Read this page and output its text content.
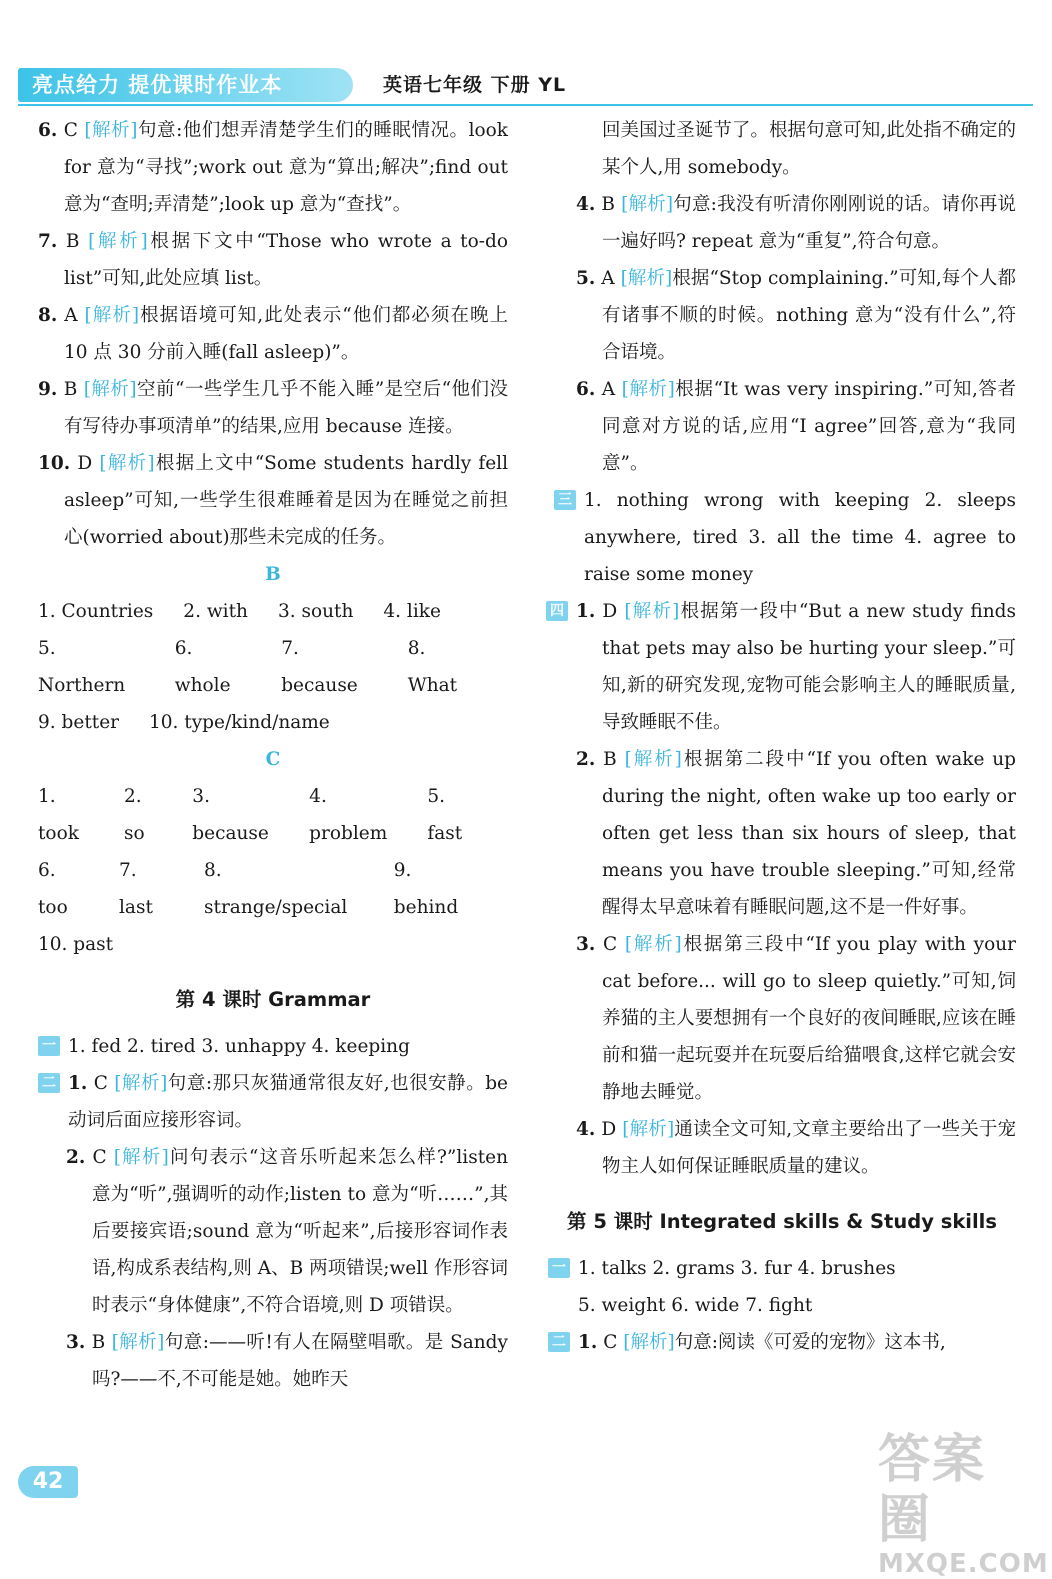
亮点给力 提优课时作业本	英语七年级 下册 YL

6. C [解析]句意:他们想弄清楚学生们的睡眠情况。look for 意为“寻找”;work out 意为“算出;解决”;find out 意为“查明;弄清楚”;look up 意为“查找”。

7. B [解析]根据下文中“Those who wrote a to-do list”可知,此处应填 list。

8. A [解析]根据语境可知,此处表示“他们都必须在晚上 10 点 30 分前入睡(fall asleep)”。

9. B [解析]空前“一些学生几乎不能入睡”是空后“他们没有写待办事项清单”的结果,应用 because 连接。

10. D [解析]根据上文中“Some students hardly fell asleep”可知,一些学生很难睡着是因为在睡觉之前担心(worried about)那些未完成的任务。

B

1. Countries 2. with 3. south 4. like

5. Northern
6. whole
7. because
8. What

9. better 10. type/kind/name

C

1. took
2. so
3. because
4. problem
5. fast

6. too
7. last
8. strange/special
9. behind

10. past

第 4 课时 Grammar

一 1. fed 2. tired 3. unhappy 4. keeping

二 1. C [解析]句意:那只灰猫通常很友好,也很安静。be 动词后面应接形容词。

2. C [解析]问句表示“这音乐听起来怎么样?”listen 意为“听”,强调听的动作;listen to 意为“听……”,其后要接宾语;sound 意为“听起来”,后接形容词作表语,构成系表结构,则 A、B 两项错误;well 作形容词时表示“身体健康”,不符合语境,则 D 项错误。

3. B [解析]句意:——听!有人在隔壁唱歌。是 Sandy 吗?——不,不可能是她。她昨天

回美国过圣诞节了。根据句意可知,此处指不确定的某个人,用 somebody。

4. B [解析]句意:我没有听清你刚刚说的话。请你再说一遍好吗? repeat 意为“重复”,符合句意。

5. A [解析]根据“Stop complaining.”可知,每个人都有诸事不顺的时候。nothing 意为“没有什么”,符合语境。

6. A [解析]根据“It was very inspiring.”可知,答者同意对方说的话,应用“I agree”回答,意为“我同意”。

三 1. nothing wrong with keeping 2. sleeps anywhere, tired 3. all the time 4. agree to raise some money

四 1. D [解析]根据第一段中“But a new study finds that pets may also be hurting your sleep.”可知,新的研究发现,宠物可能会影响主人的睡眠质量,导致睡眠不佳。

2. B [解析]根据第二段中“If you often wake up during the night, often wake up too early or often get less than six hours of sleep, that means you have trouble sleeping.”可知,经常醒得太早意味着有睡眠问题,这不是一件好事。

3. C [解析]根据第三段中“If you play with your cat before... will go to sleep quietly.”可知,饲养猫的主人要想拥有一个良好的夜间睡眠,应该在睡前和猫一起玩耍并在玩耍后给猫喂食,这样它就会安静地去睡觉。

4. D [解析]通读全文可知,文章主要给出了一些关于宠物主人如何保证睡眠质量的建议。

第 5 课时 Integrated skills & Study skills

一 1. talks 2. grams 3. fur 4. brushes

5. weight 6. wide 7. fight

二 1. C [解析]句意:阅读《可爱的宠物》这本书,

42	答案圈
MXQE.COM
